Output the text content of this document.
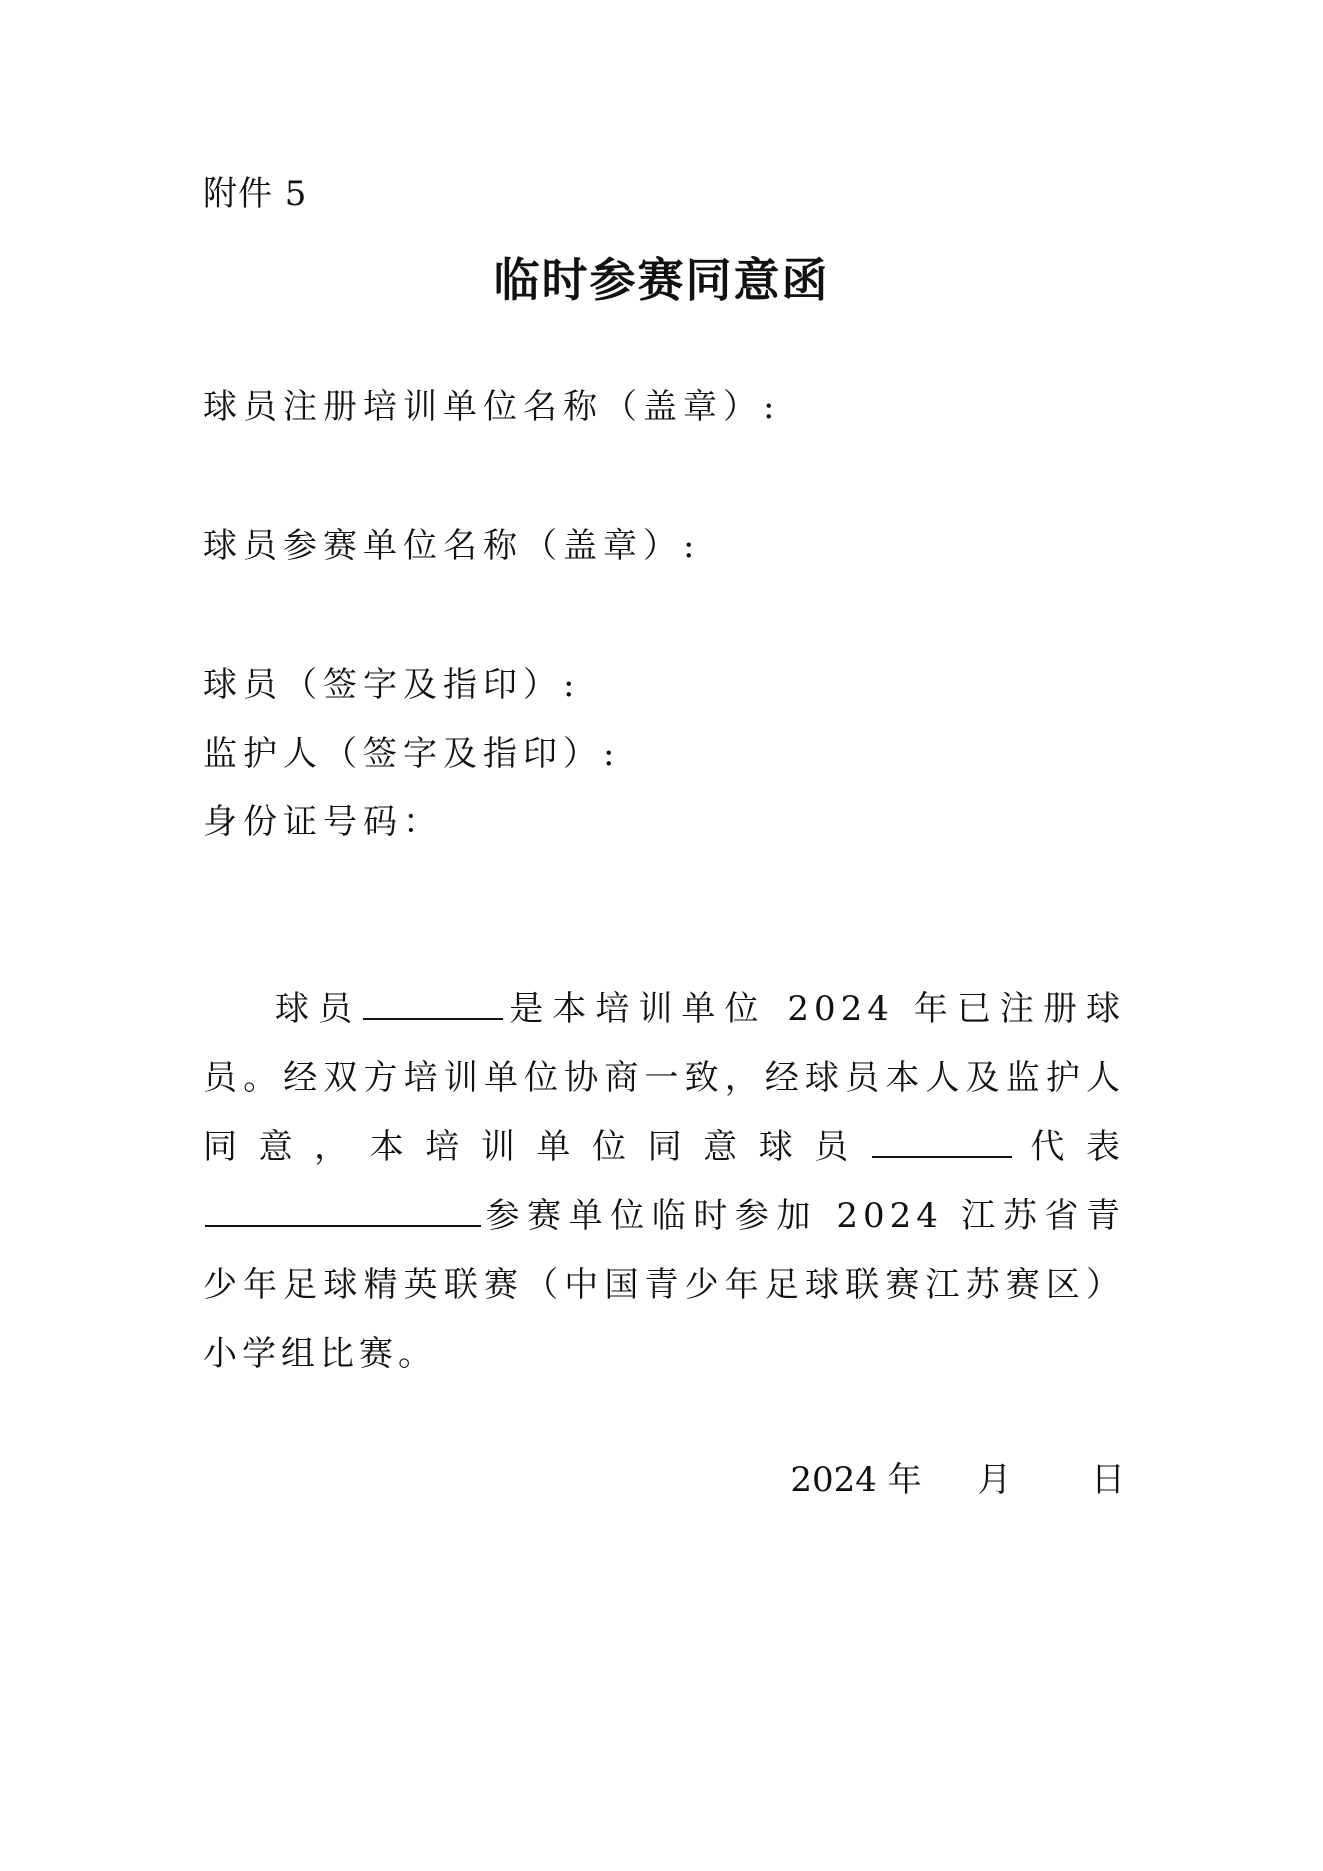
附件 5
临时参赛同意函
球员注册培训单位名称（盖章）:
球员参赛单位名称（盖章）:
球员（签字及指印）:
监护人（签字及指印）:
身份证号码：
球员	是本培训单位 2024 年已注册球员。经双方培训单位协商一致，经球员本人及监护人同意，本培训单位同意球员	代表参赛单位临时参加 2024 江苏省青少年足球精英联赛（中国青少年足球联赛江苏赛区）小学组比赛。
2024 年 月 日
